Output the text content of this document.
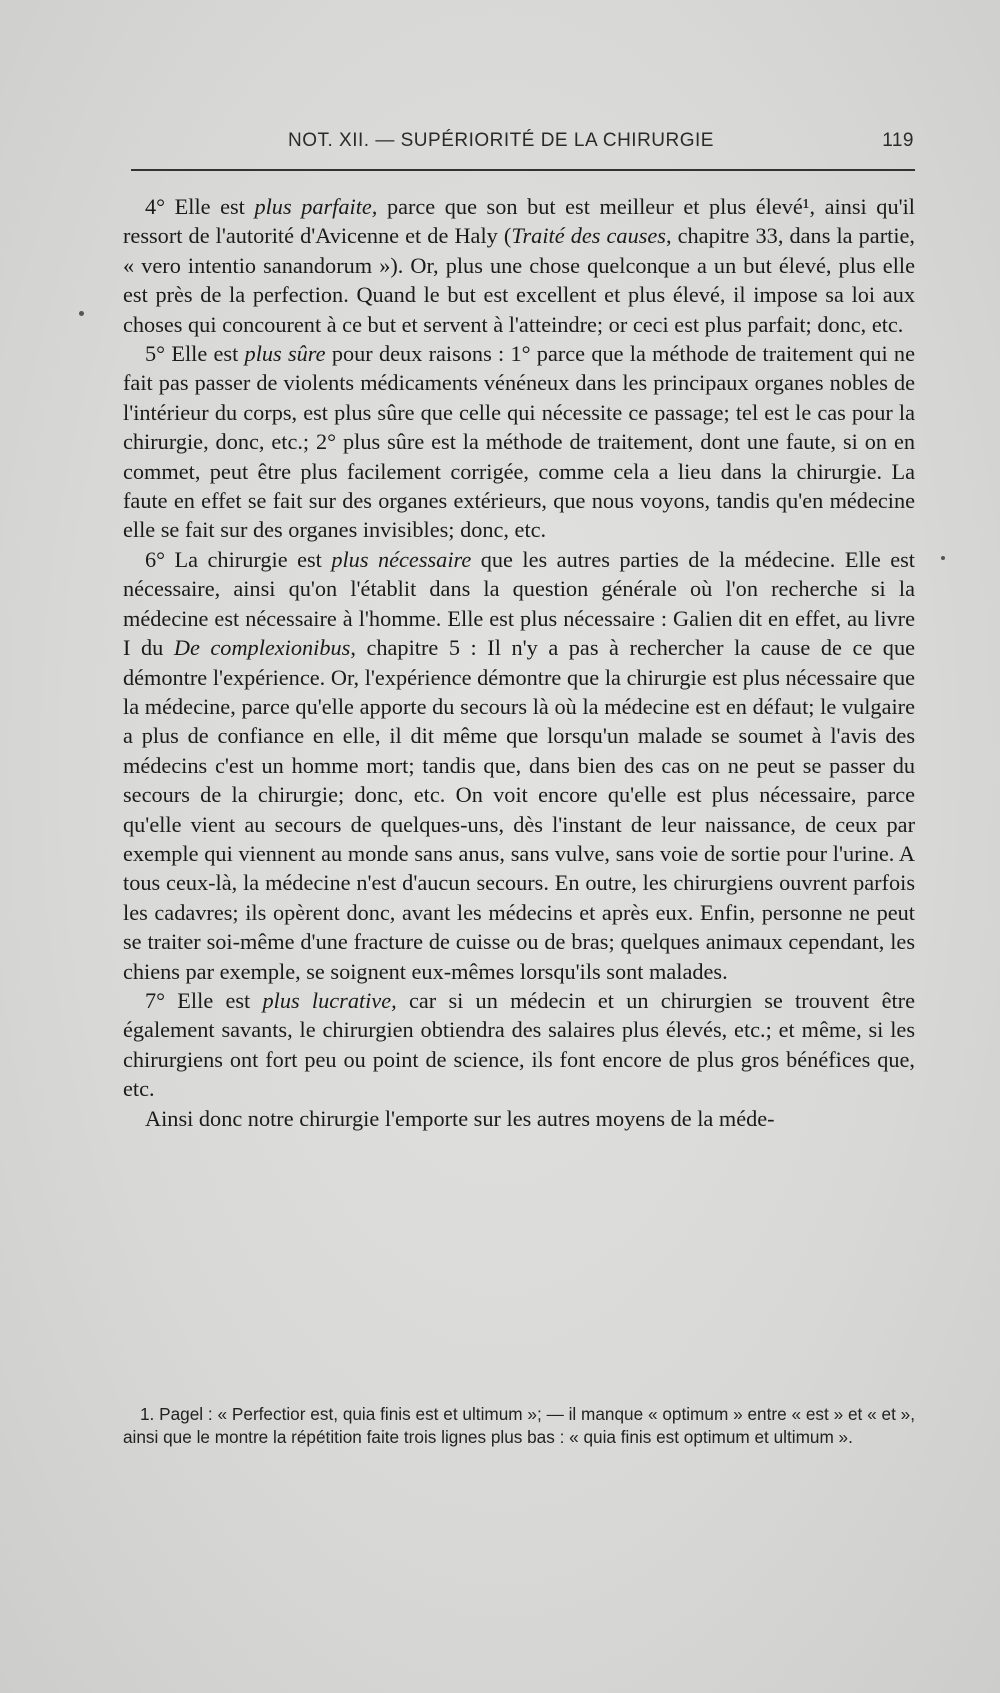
NOT. XII. — SUPÉRIORITÉ DE LA CHIRURGIE	119

4° Elle est plus parfaite, parce que son but est meilleur et plus élevé¹, ainsi qu'il ressort de l'autorité d'Avicenne et de Haly (Traité des causes, chapitre 33, dans la partie, « vero intentio sanandorum »). Or, plus une chose quelconque a un but élevé, plus elle est près de la perfection. Quand le but est excellent et plus élevé, il impose sa loi aux choses qui concourent à ce but et servent à l'atteindre; or ceci est plus parfait; donc, etc.

5° Elle est plus sûre pour deux raisons : 1° parce que la méthode de traitement qui ne fait pas passer de violents médicaments vénéneux dans les principaux organes nobles de l'intérieur du corps, est plus sûre que celle qui nécessite ce passage; tel est le cas pour la chirurgie, donc, etc.; 2° plus sûre est la méthode de traitement, dont une faute, si on en commet, peut être plus facilement corrigée, comme cela a lieu dans la chirurgie. La faute en effet se fait sur des organes extérieurs, que nous voyons, tandis qu'en médecine elle se fait sur des organes invisibles; donc, etc.

6° La chirurgie est plus nécessaire que les autres parties de la médecine. Elle est nécessaire, ainsi qu'on l'établit dans la question générale où l'on recherche si la médecine est nécessaire à l'homme. Elle est plus nécessaire : Galien dit en effet, au livre I du De complexionibus, chapitre 5 : Il n'y a pas à rechercher la cause de ce que démontre l'expérience. Or, l'expérience démontre que la chirurgie est plus nécessaire que la médecine, parce qu'elle apporte du secours là où la médecine est en défaut; le vulgaire a plus de confiance en elle, il dit même que lorsqu'un malade se soumet à l'avis des médecins c'est un homme mort; tandis que, dans bien des cas on ne peut se passer du secours de la chirurgie; donc, etc. On voit encore qu'elle est plus nécessaire, parce qu'elle vient au secours de quelques-uns, dès l'instant de leur naissance, de ceux par exemple qui viennent au monde sans anus, sans vulve, sans voie de sortie pour l'urine. A tous ceux-là, la médecine n'est d'aucun secours. En outre, les chirurgiens ouvrent parfois les cadavres; ils opèrent donc, avant les médecins et après eux. Enfin, personne ne peut se traiter soi-même d'une fracture de cuisse ou de bras; quelques animaux cependant, les chiens par exemple, se soignent eux-mêmes lorsqu'ils sont malades.

7° Elle est plus lucrative, car si un médecin et un chirurgien se trouvent être également savants, le chirurgien obtiendra des salaires plus élevés, etc.; et même, si les chirurgiens ont fort peu ou point de science, ils font encore de plus gros bénéfices que, etc.

Ainsi donc notre chirurgie l'emporte sur les autres moyens de la méde-

1. Pagel : « Perfectior est, quia finis est et ultimum »; — il manque « optimum » entre « est » et « et », ainsi que le montre la répétition faite trois lignes plus bas : « quia finis est optimum et ultimum ».
